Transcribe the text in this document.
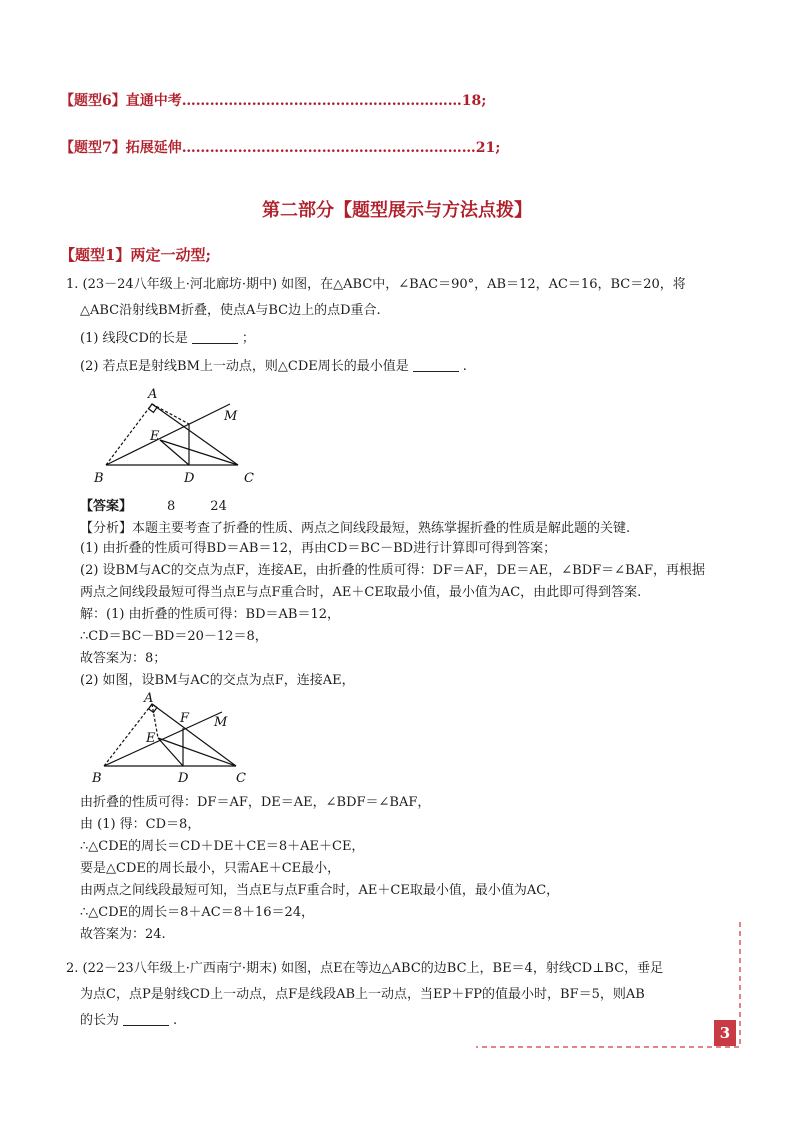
【题型6】直通中考……………………………………………………18;
【题型7】拓展延伸………………………………………………………21;
第二部分【题型展示与方法点拨】
【题型1】两定一动型;
1. (23－24八年级上·河北廊坊·期中) 如图，在△ABC中，∠BAC＝90°，AB＝12，AC＝16，BC＝20，将
△ABC沿射线BM折叠，使点A与BC边上的点D重合.
(1) 线段CD的长是	；
(2) 若点E是射线BM上一动点，则△CDE周长的最小值是	.
A
M
E
B	D	C
【答案】	8	24
【分析】本题主要考查了折叠的性质、两点之间线段最短，熟练掌握折叠的性质是解此题的关键.
(1) 由折叠的性质可得BD＝AB＝12，再由CD＝BC－BD进行计算即可得到答案；
(2) 设BM与AC的交点为点F，连接AE，由折叠的性质可得：DF＝AF，DE＝AE，∠BDF＝∠BAF，再根据
两点之间线段最短可得当点E与点F重合时，AE＋CE取最小值，最小值为AC，由此即可得到答案.
解：(1) 由折叠的性质可得：BD＝AB＝12，
∴CD＝BC－BD＝20－12＝8，
故答案为：8；
(2) 如图，设BM与AC的交点为点F，连接AE，
A
F M
E
B	D	C
由折叠的性质可得：DF＝AF，DE＝AE，∠BDF＝∠BAF，
由 (1) 得：CD＝8，
∴△CDE的周长＝CD＋DE＋CE＝8＋AE＋CE，
要是△CDE的周长最小，只需AE＋CE最小，
由两点之间线段最短可知，当点E与点F重合时，AE＋CE取最小值，最小值为AC，
∴△CDE的周长＝8＋AC＝8＋16＝24，
故答案为：24.
2. (22－23八年级上·广西南宁·期末) 如图，点E在等边△ABC的边BC上，BE＝4，射线CD⊥BC，垂足
为点C，点P是射线CD上一动点，点F是线段AB上一动点，当EP＋FP的值最小时，BF＝5，则AB
的长为	.
3
